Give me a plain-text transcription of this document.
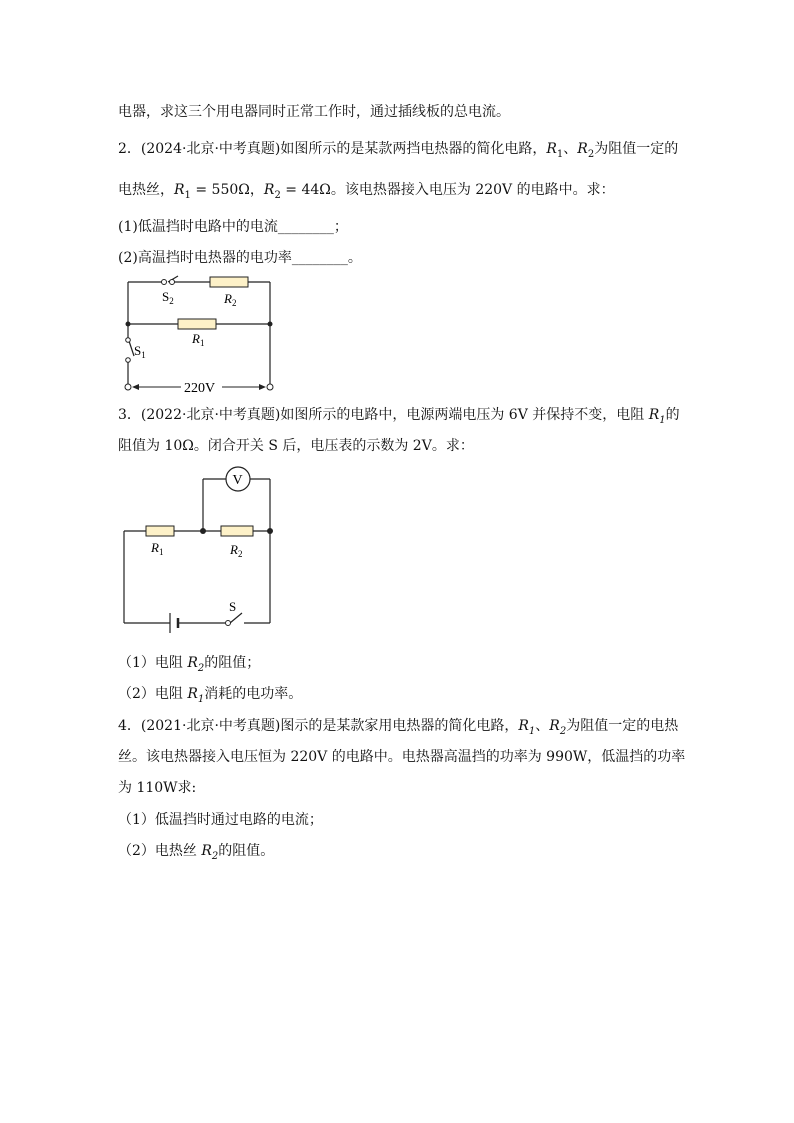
电器，求这三个用电器同时正常工作时，通过插线板的总电流。
2．(2024·北京·中考真题)如图所示的是某款两挡电热器的简化电路，$R_1$、$R_2$为阻值一定的
电热丝，$R_1 = 550\Omega$，$R_2 = 44\Omega$。该电热器接入电压为 220V 的电路中。求：
(1)低温挡时电路中的电流________；
(2)高温挡时电热器的电功率________。
$S_2$	$R_2$
$R_1$
$S_1$
220V
3．(2022·北京·中考真题)如图所示的电路中，电源两端电压为 6V 并保持不变，电阻 $R_1$的
阻值为 10Ω。闭合开关 S 后，电压表的示数为 2V。求：
V
$R_1$	$R_2$
S
（1）电阻 $R_2$的阻值；
（2）电阻 $R_1$消耗的电功率。
4．(2021·北京·中考真题)图示的是某款家用电热器的简化电路，$R_1$、$R_2$为阻值一定的电热
丝。该电热器接入电压恒为 220V 的电路中。电热器高温挡的功率为 990W，低温挡的功率
为 110W求:
（1）低温挡时通过电路的电流；
（2）电热丝 $R_2$的阻值。
